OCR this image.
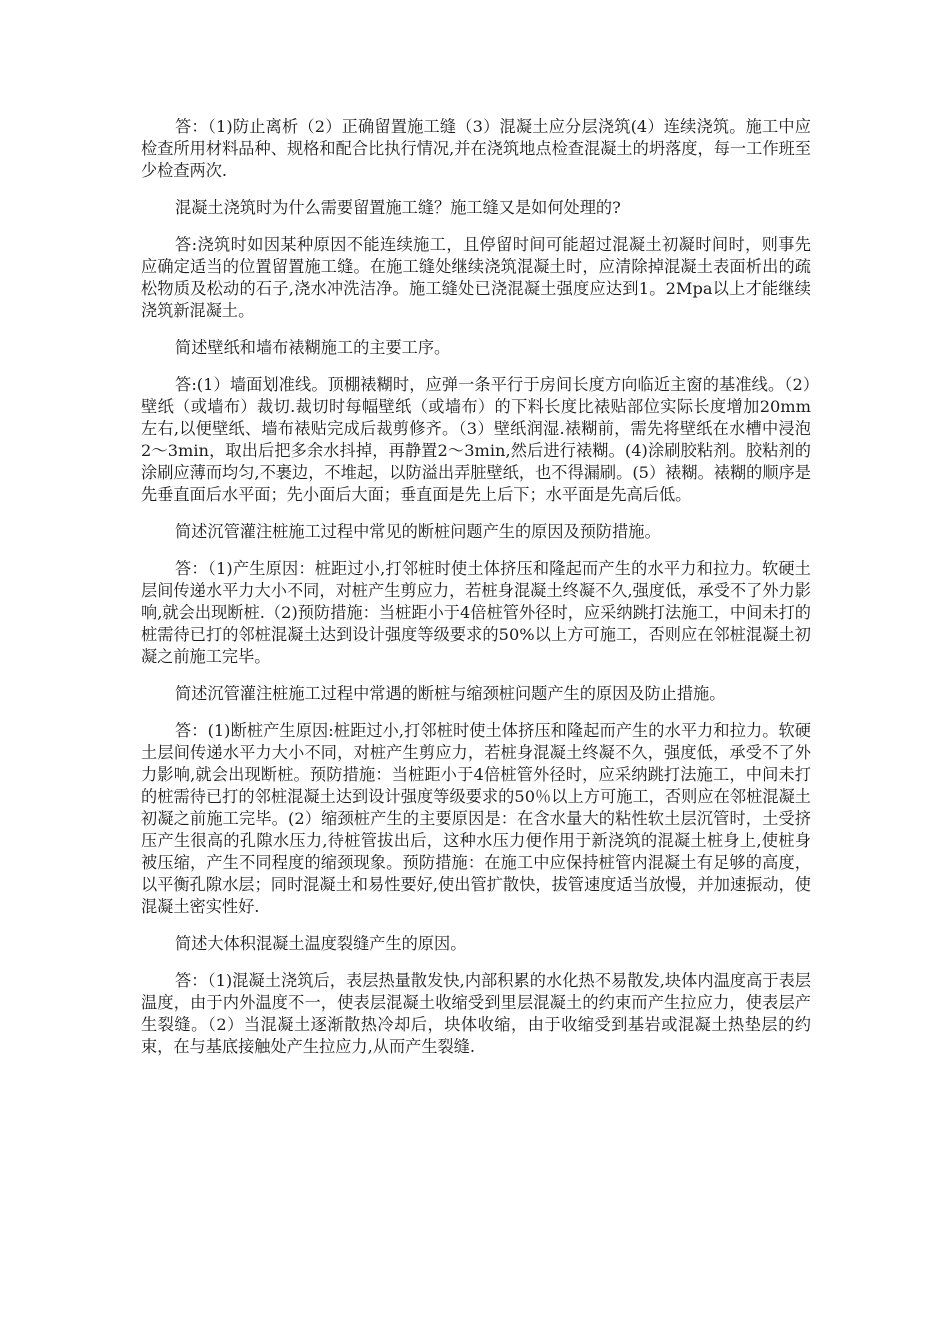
答：（1)防止离析（2）正确留置施工缝（3）混凝土应分层浇筑(4）连续浇筑。施工中应检查所用材料品种、规格和配合比执行情况,并在浇筑地点检查混凝土的坍落度，每一工作班至少检查两次.

混凝土浇筑时为什么需要留置施工缝？施工缝又是如何处理的?

答:浇筑时如因某种原因不能连续施工，且停留时间可能超过混凝土初凝时间时，则事先应确定适当的位置留置施工缝。在施工缝处继续浇筑混凝土时，应清除掉混凝土表面析出的疏松物质及松动的石子,浇水冲洗洁净。施工缝处已浇混凝土强度应达到1。2Mpa以上才能继续浇筑新混凝土。

简述壁纸和墙布裱糊施工的主要工序。

答:(1）墙面划准线。顶棚裱糊时，应弹一条平行于房间长度方向临近主窗的基准线。（2）壁纸（或墙布）裁切.裁切时每幅壁纸（或墙布）的下料长度比裱贴部位实际长度增加20mm左右,以便壁纸、墙布裱贴完成后裁剪修齐。（3）壁纸润湿.裱糊前，需先将壁纸在水槽中浸泡2～3min，取出后把多余水抖掉，再静置2～3min,然后进行裱糊。(4)涂刷胶粘剂。胶粘剂的涂刷应薄而均匀,不裹边，不堆起，以防溢出弄脏壁纸，也不得漏刷。(5）裱糊。裱糊的顺序是先垂直面后水平面；先小面后大面；垂直面是先上后下；水平面是先高后低。

简述沉管灌注桩施工过程中常见的断桩问题产生的原因及预防措施。

答：（1)产生原因：桩距过小,打邻桩时使土体挤压和隆起而产生的水平力和拉力。软硬土层间传递水平力大小不同，对桩产生剪应力，若桩身混凝土终凝不久,强度低，承受不了外力影响,就会出现断桩.（2)预防措施：当桩距小于4倍桩管外径时，应采纳跳打法施工，中间未打的桩需待已打的邻桩混凝土达到设计强度等级要求的50%以上方可施工，否则应在邻桩混凝土初凝之前施工完毕。

简述沉管灌注桩施工过程中常遇的断桩与缩颈桩问题产生的原因及防止措施。

答：(1)断桩产生原因:桩距过小,打邻桩时使土体挤压和隆起而产生的水平力和拉力。软硬土层间传递水平力大小不同，对桩产生剪应力，若桩身混凝土终凝不久，强度低，承受不了外力影响,就会出现断桩。预防措施：当桩距小于4倍桩管外径时，应采纳跳打法施工，中间未打的桩需待已打的邻桩混凝土达到设计强度等级要求的50％以上方可施工，否则应在邻桩混凝土初凝之前施工完毕。(2）缩颈桩产生的主要原因是：在含水量大的粘性软土层沉管时，土受挤压产生很高的孔隙水压力,待桩管拔出后，这种水压力便作用于新浇筑的混凝土桩身上,使桩身被压缩，产生不同程度的缩颈现象。预防措施：在施工中应保持桩管内混凝土有足够的高度，以平衡孔隙水层；同时混凝土和易性要好,使出管扩散快，拔管速度适当放慢，并加速振动，使混凝土密实性好.

简述大体积混凝土温度裂缝产生的原因。

答：（1)混凝土浇筑后，表层热量散发快,内部积累的水化热不易散发,块体内温度高于表层温度，由于内外温度不一，使表层混凝土收缩受到里层混凝土的约束而产生拉应力，使表层产生裂缝。（2）当混凝土逐渐散热冷却后，块体收缩，由于收缩受到基岩或混凝土热垫层的约束，在与基底接触处产生拉应力,从而产生裂缝.
